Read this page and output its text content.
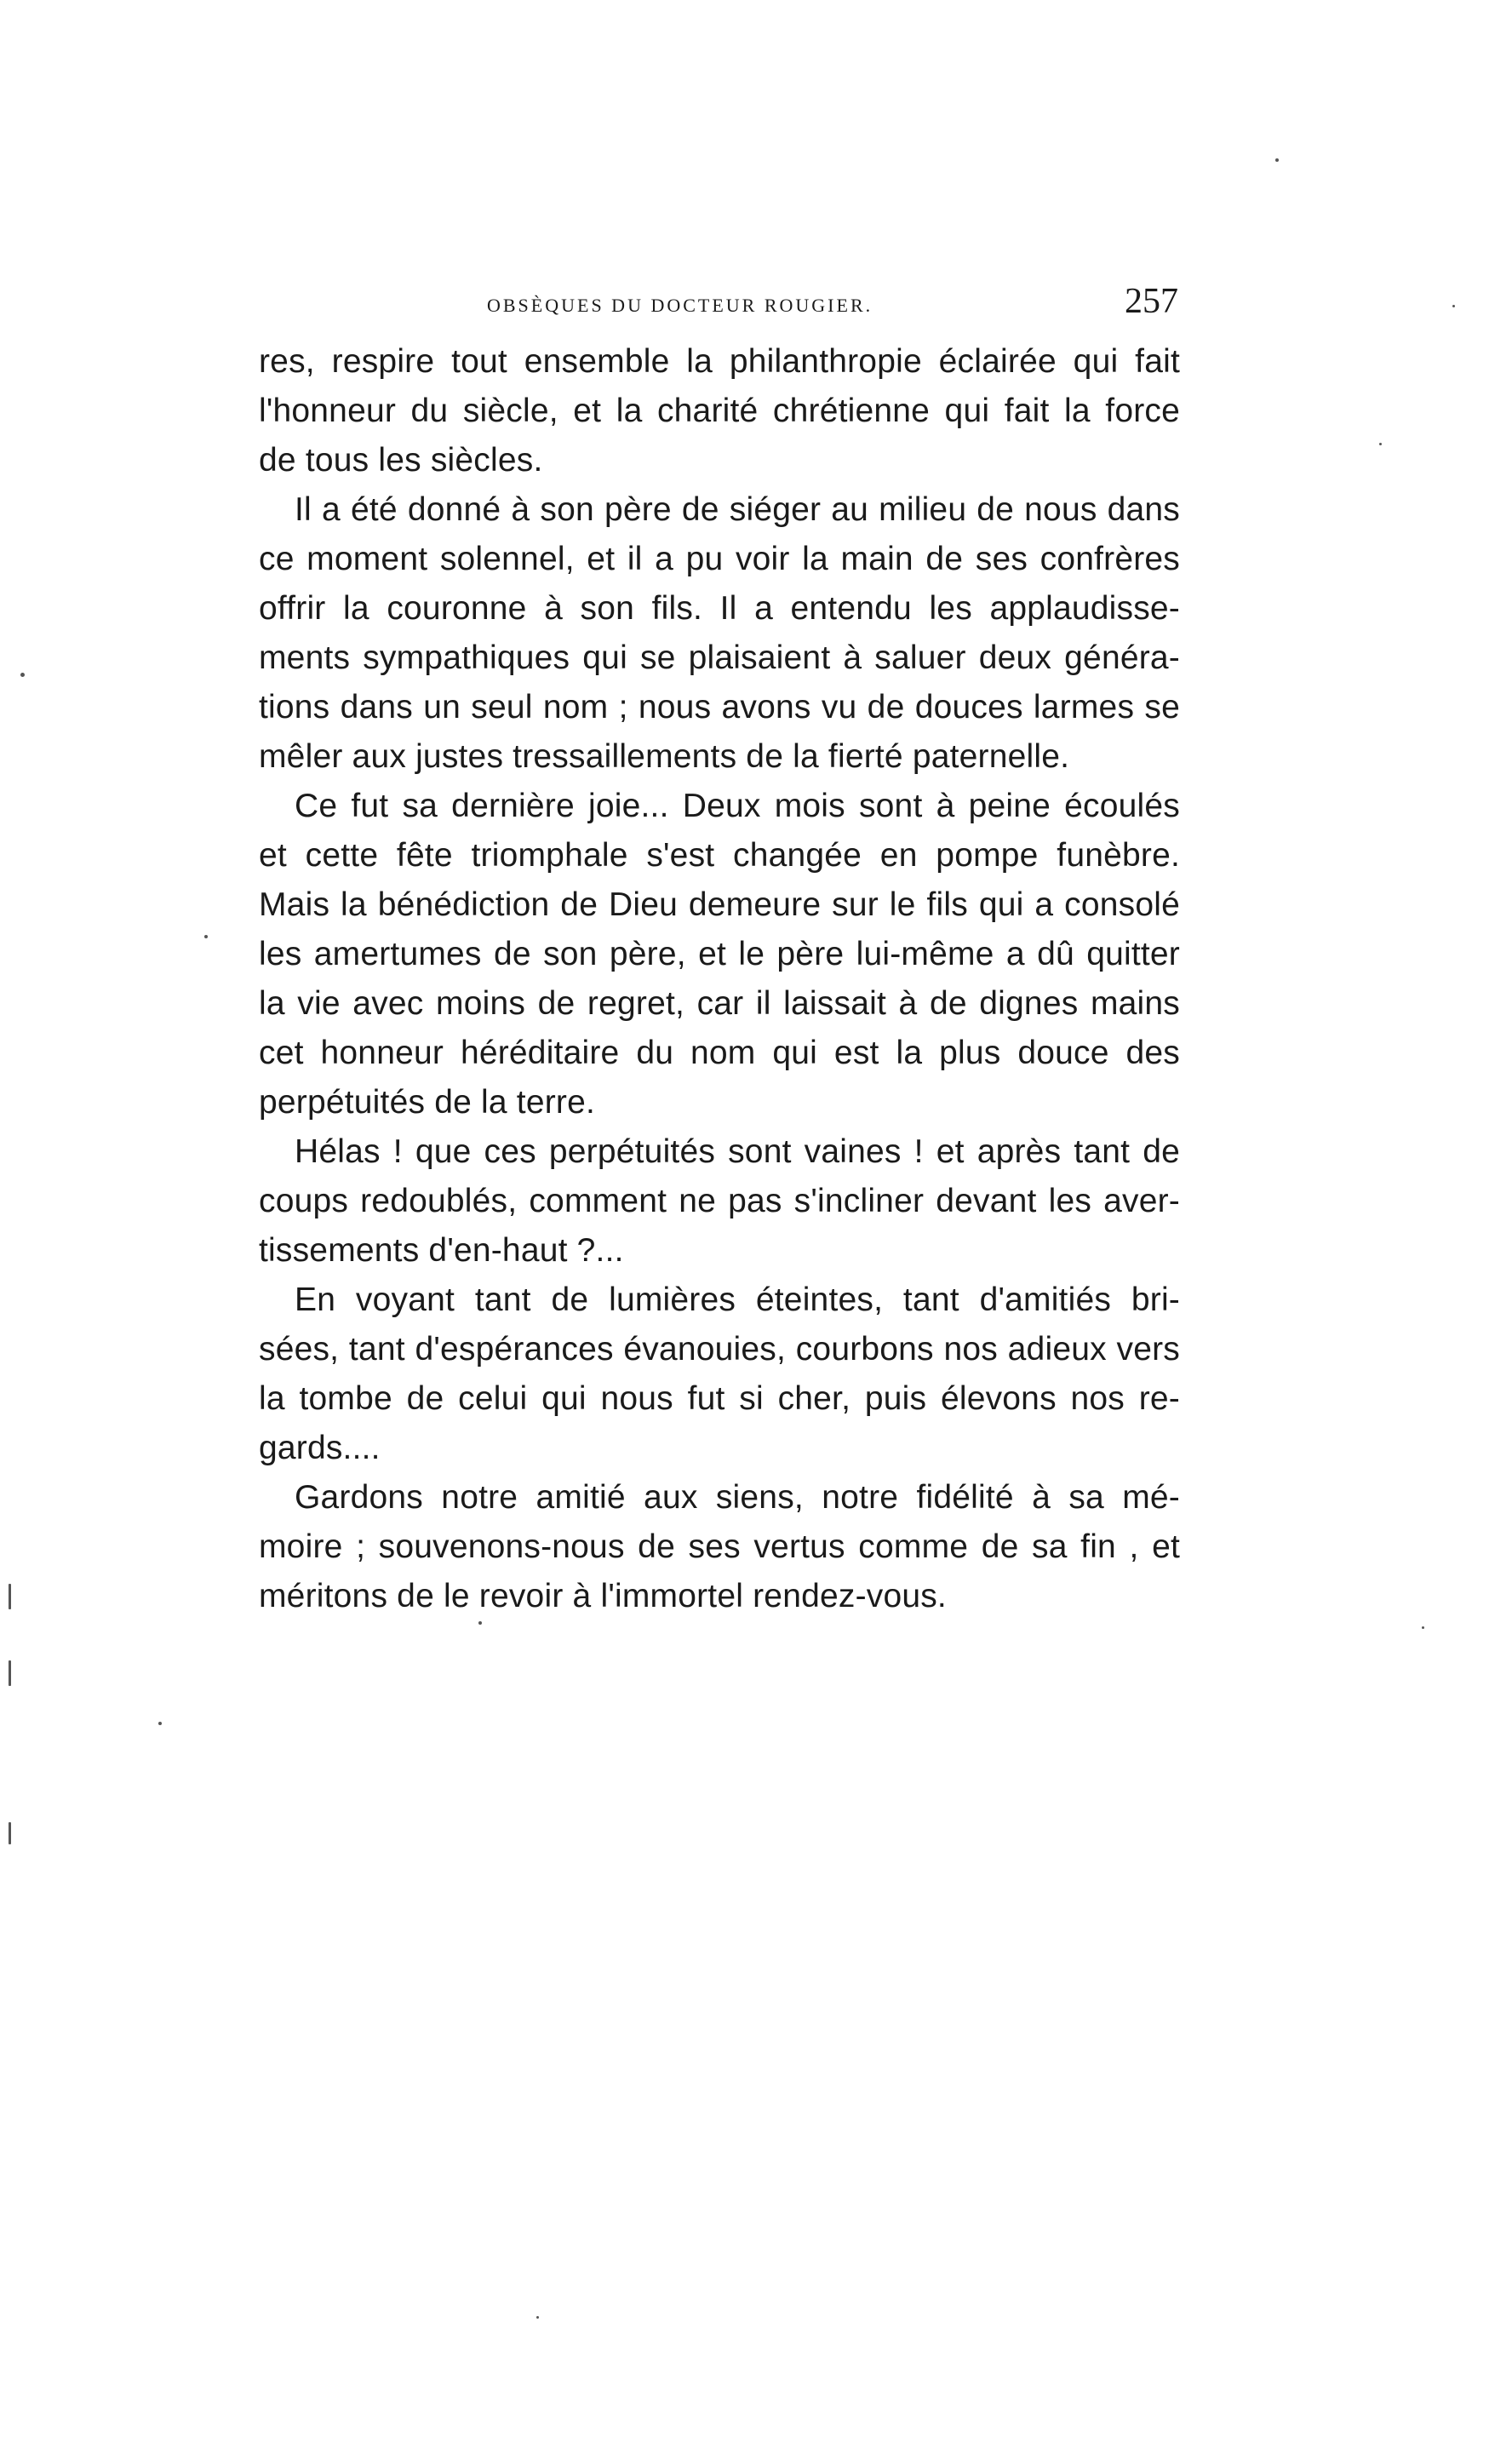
obsèques du docteur rougier.	257
res, respire tout ensemble la philanthropie éclairée qui fait
l'honneur du siècle, et la charité chrétienne qui fait la force
de tous les siècles.
Il a été donné à son père de siéger au milieu de nous dans
ce moment solennel, et il a pu voir la main de ses confrères
offrir la couronne à son fils. Il a entendu les applaudisse-
ments sympathiques qui se plaisaient à saluer deux généra-
tions dans un seul nom ; nous avons vu de douces larmes se
mêler aux justes tressaillements de la fierté paternelle.
Ce fut sa dernière joie... Deux mois sont à peine écoulés
et cette fête triomphale s'est changée en pompe funèbre.
Mais la bénédiction de Dieu demeure sur le fils qui a consolé
les amertumes de son père, et le père lui-même a dû quitter
la vie avec moins de regret, car il laissait à de dignes mains
cet honneur héréditaire du nom qui est la plus douce des
perpétuités de la terre.
Hélas ! que ces perpétuités sont vaines ! et après tant de
coups redoublés, comment ne pas s'incliner devant les aver-
tissements d'en-haut ?...
En voyant tant de lumières éteintes, tant d'amitiés bri-
sées, tant d'espérances évanouies, courbons nos adieux vers
la tombe de celui qui nous fut si cher, puis élevons nos re-
gards....
Gardons notre amitié aux siens, notre fidélité à sa mé-
moire ; souvenons-nous de ses vertus comme de sa fin , et
méritons de le revoir à l'immortel rendez-vous.
